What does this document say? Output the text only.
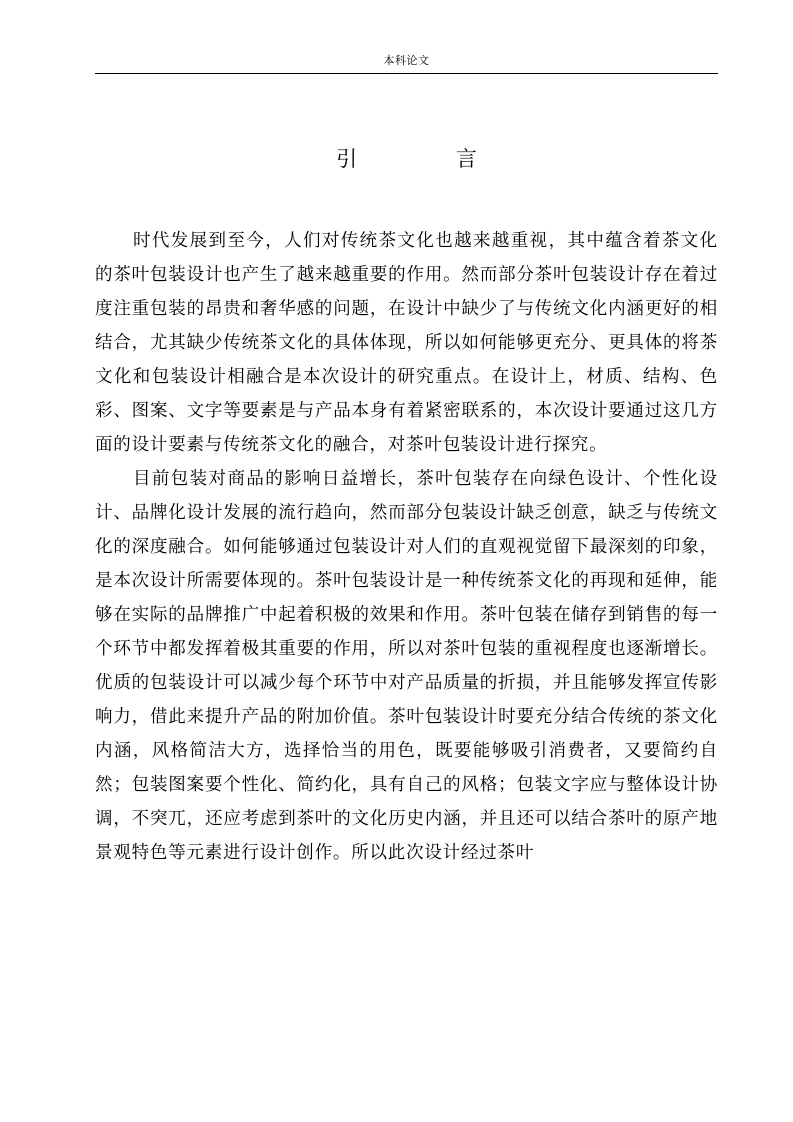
本科论文
引 言

时代发展到至今，人们对传统茶文化也越来越重视，其中蕴含着茶文化的茶叶包装设计也产生了越来越重要的作用。然而部分茶叶包装设计存在着过度注重包装的昂贵和奢华感的问题，在设计中缺少了与传统文化内涵更好的相结合，尤其缺少传统茶文化的具体体现，所以如何能够更充分、更具体的将茶文化和包装设计相融合是本次设计的研究重点。在设计上，材质、结构、色彩、图案、文字等要素是与产品本身有着紧密联系的，本次设计要通过这几方面的设计要素与传统茶文化的融合，对茶叶包装设计进行探究。

目前包装对商品的影响日益增长，茶叶包装存在向绿色设计、个性化设计、品牌化设计发展的流行趋向，然而部分包装设计缺乏创意，缺乏与传统文化的深度融合。如何能够通过包装设计对人们的直观视觉留下最深刻的印象，是本次设计所需要体现的。茶叶包装设计是一种传统茶文化的再现和延伸，能够在实际的品牌推广中起着积极的效果和作用。茶叶包装在储存到销售的每一个环节中都发挥着极其重要的作用，所以对茶叶包装的重视程度也逐渐增长。优质的包装设计可以减少每个环节中对产品质量的折损，并且能够发挥宣传影响力，借此来提升产品的附加价值。茶叶包装设计时要充分结合传统的茶文化内涵，风格简洁大方，选择恰当的用色，既要能够吸引消费者，又要简约自然；包装图案要个性化、简约化，具有自己的风格；包装文字应与整体设计协调，不突兀，还应考虑到茶叶的文化历史内涵，并且还可以结合茶叶的原产地景观特色等元素进行设计创作。所以此次设计经过茶叶
